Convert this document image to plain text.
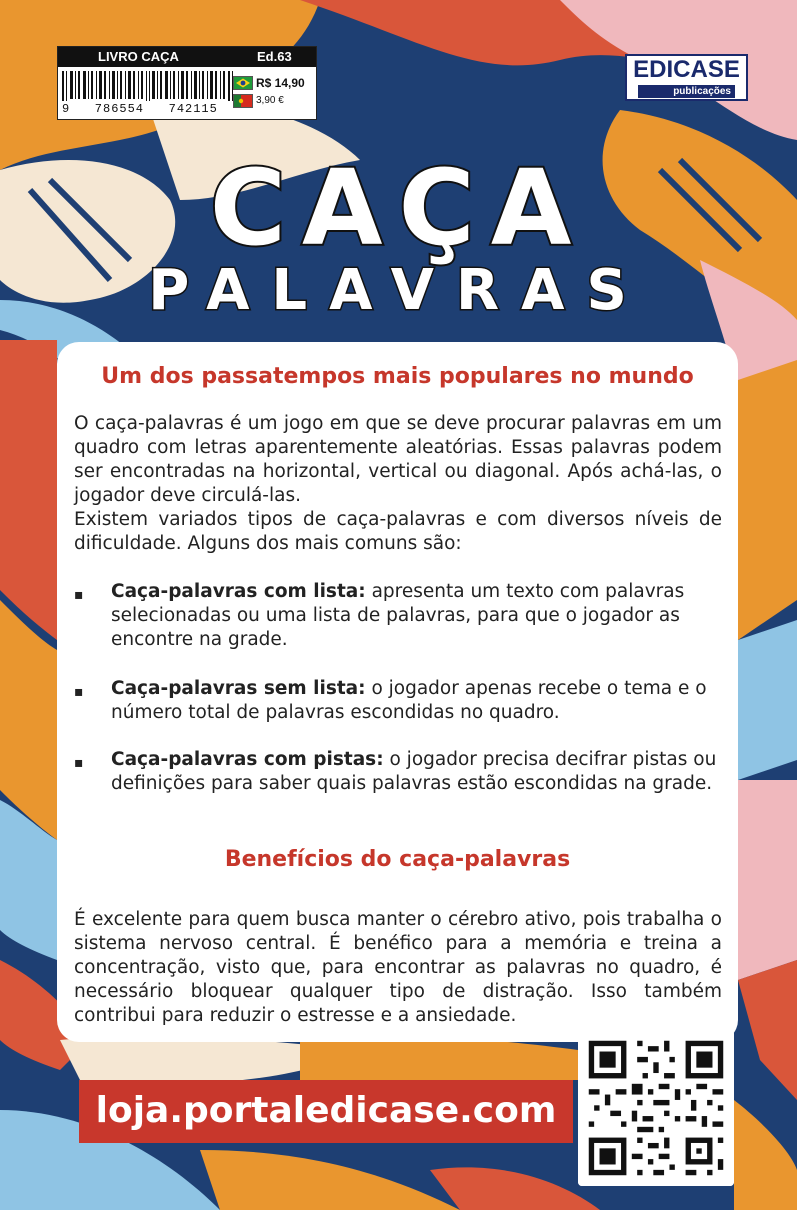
LIVRO CAÇA	Ed.63
9   786554   742115
R$ 14,90
3,90 €
EDICASE
publicações
CAÇA
PALAVRAS
Um dos passatempos mais populares no mundo
O caça-palavras é um jogo em que se deve procurar palavras em um quadro com letras aparentemente aleatórias. Essas palavras podem ser encontradas na horizontal, vertical ou diagonal. Após achá-las, o jogador deve circulá-las.
Existem variados tipos de caça-palavras e com diversos níveis de dificuldade. Alguns dos mais comuns são:
▪ Caça-palavras com lista: apresenta um texto com palavras selecionadas ou uma lista de palavras, para que o jogador as encontre na grade.
▪ Caça-palavras sem lista: o jogador apenas recebe o tema e o número total de palavras escondidas no quadro.
▪ Caça-palavras com pistas: o jogador precisa decifrar pistas ou definições para saber quais palavras estão escondidas na grade.
Benefícios do caça-palavras
É excelente para quem busca manter o cérebro ativo, pois trabalha o sistema nervoso central. É benéfico para a memória e treina a concentração, visto que, para encontrar as palavras no quadro, é necessário bloquear qualquer tipo de distração. Isso também contribui para reduzir o estresse e a ansiedade.
loja.portaledicase.com
